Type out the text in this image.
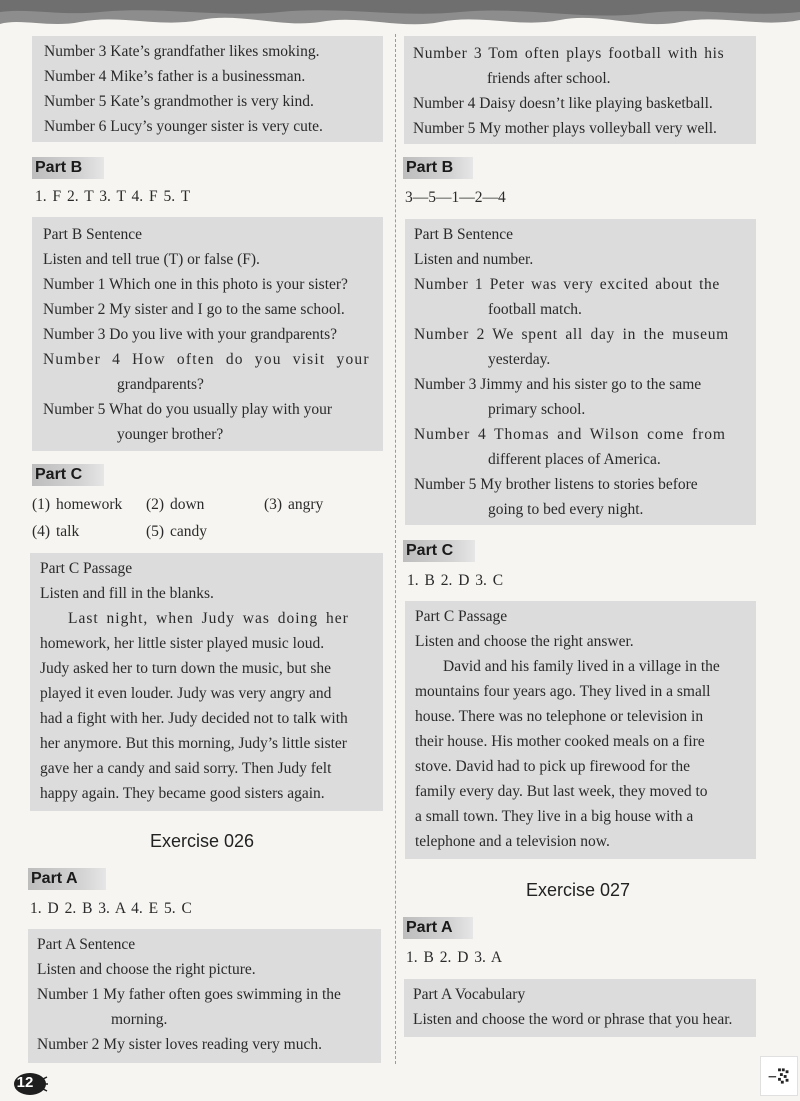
Number 3 Kate’s grandfather likes smoking.
Number 4 Mike’s father is a businessman.
Number 5 Kate’s grandmother is very kind.
Number 6 Lucy’s younger sister is very cute.
Part B
1. F 2. T 3. T 4. F 5. T
Part B Sentence
Listen and tell true (T) or false (F).
Number 1 Which one in this photo is your sister?
Number 2 My sister and I go to the same school.
Number 3 Do you live with your grandparents?
Number 4 How often do you visit your
grandparents?
Number 5 What do you usually play with your
younger brother?
Part C
(1) homework (2) down	(3) angry
(4) talk	(5) candy
Part C Passage
Listen and fill in the blanks.
Last night, when Judy was doing her
homework, her little sister played music loud.
Judy asked her to turn down the music, but she
played it even louder. Judy was very angry and
had a fight with her. Judy decided not to talk with
her anymore. But this morning, Judy’s little sister
gave her a candy and said sorry. Then Judy felt
happy again. They became good sisters again.
Exercise 026
Part A
1. D 2. B 3. A 4. E 5. C
Part A Sentence
Listen and choose the right picture.
Number 1 My father often goes swimming in the
morning.
Number 2 My sister loves reading very much.
Number 3 Tom often plays football with his
friends after school.
Number 4 Daisy doesn’t like playing basketball.
Number 5 My mother plays volleyball very well.
Part B
3—5—1—2—4
Part B Sentence
Listen and number.
Number 1 Peter was very excited about the
football match.
Number 2 We spent all day in the museum
yesterday.
Number 3 Jimmy and his sister go to the same
primary school.
Number 4 Thomas and Wilson come from
different places of America.
Number 5 My brother listens to stories before
going to bed every night.
Part C
1. B 2. D 3. C
Part C Passage
Listen and choose the right answer.
David and his family lived in a village in the
mountains four years ago. They lived in a small
house. There was no telephone or television in
their house. His mother cooked meals on a fire
stove. David had to pick up firewood for the
family every day. But last week, they moved to
a small town. They live in a big house with a
telephone and a television now.
Exercise 027
Part A
1. B 2. D 3. A
Part A Vocabulary
Listen and choose the word or phrase that you hear.
12
